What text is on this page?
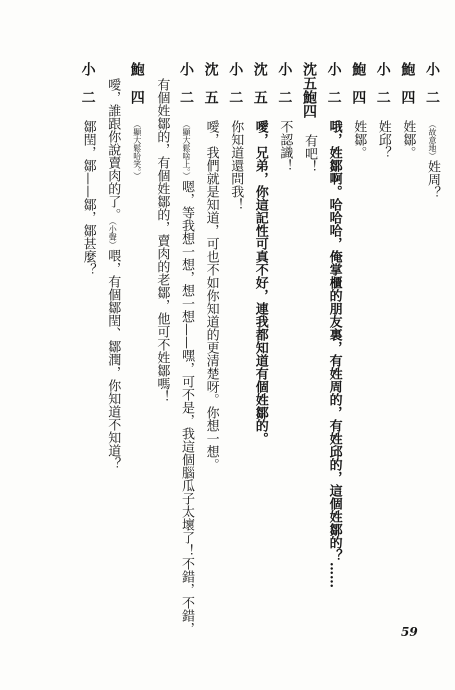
小　二（故意地）姓周？
鮑　四姓鄒。
小　二姓邱？
鮑　四姓鄒。
小　二哦，姓鄒啊。哈哈哈，俺掌櫃的朋友裏，有姓周的，有姓邱的，這個姓鄒的？……
沈五鮑四有吧！
小　二不認識！
沈　五噯，兄弟，你這記性可真不好，連我都知道有個姓鄒的。
小　二你知道還問我！
沈　五噯，我們就是知道，可也不如你知道的更清楚呀。你想一想。
小　二（顯大鬆啥上。）嗯，等我想一想，想一想——嘿，可不是，我這個腦瓜子太壞了！不錯，不錯，
有個姓鄒的，有個姓鄒的，賣肉的老鄒，他可不姓鄒嗎！
鮑　四（顯大鬆哈笑。）
噯，誰跟你說賣肉的了。（小聲）喂，有個鄒閏、鄒潤，你知道不知道？
小　二鄒閏，鄒——鄒，鄒甚麼？
59
